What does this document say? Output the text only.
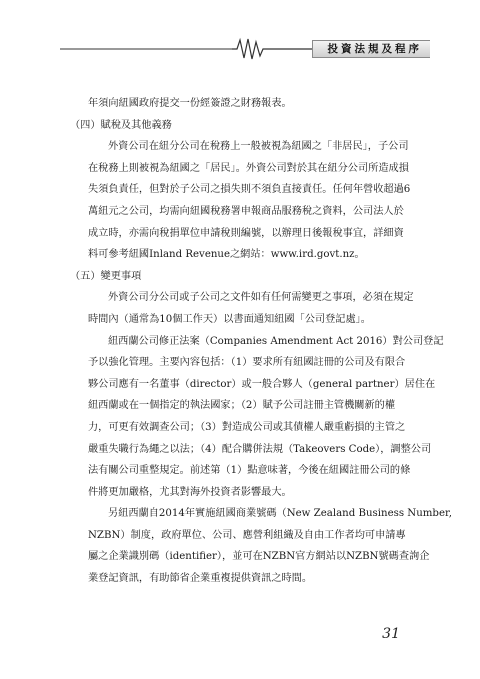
投資法規及程序

年須向紐國政府提交一份經簽證之財務報表。

（四）賦稅及其他義務

外資公司在紐分公司在稅務上一般被視為紐國之「非居民」，子公司

在稅務上則被視為紐國之「居民」。外資公司對於其在紐分公司所造成損

失須負責任，但對於子公司之損失則不須負直接責任。任何年營收超過6

萬紐元之公司，均需向紐國稅務署申報商品服務稅之資料，公司法人於

成立時，亦需向稅捐單位申請稅則編號，以辦理日後報稅事宜，詳細資

料可參考紐國Inland Revenue之網站：www.ird.govt.nz。

（五）變更事項

外資公司分公司或子公司之文件如有任何需變更之事項，必須在規定

時間內（通常為10個工作天）以書面通知紐國「公司登記處」。

紐西蘭公司修正法案（Companies Amendment Act 2016）對公司登記

予以強化管理。主要內容包括：（1）要求所有紐國註冊的公司及有限合

夥公司應有一名董事（director）或一般合夥人（general partner）居住在

紐西蘭或在一個指定的執法國家；（2）賦予公司註冊主管機關新的權

力，可更有效調查公司；（3）對造成公司或其債權人嚴重虧損的主管之

嚴重失職行為繩之以法；（4）配合購併法規（Takeovers Code），調整公司

法有關公司重整規定。前述第（1）點意味著，今後在紐國註冊公司的條

件將更加嚴格，尤其對海外投資者影響最大。

另紐西蘭自2014年實施紐國商業號碼（New Zealand Business Number,

NZBN）制度，政府單位、公司、應營利組織及自由工作者均可申請專

屬之企業識別碼（identifier），並可在NZBN官方網站以NZBN號碼查詢企

業登記資訊，有助節省企業重複提供資訊之時間。

31
